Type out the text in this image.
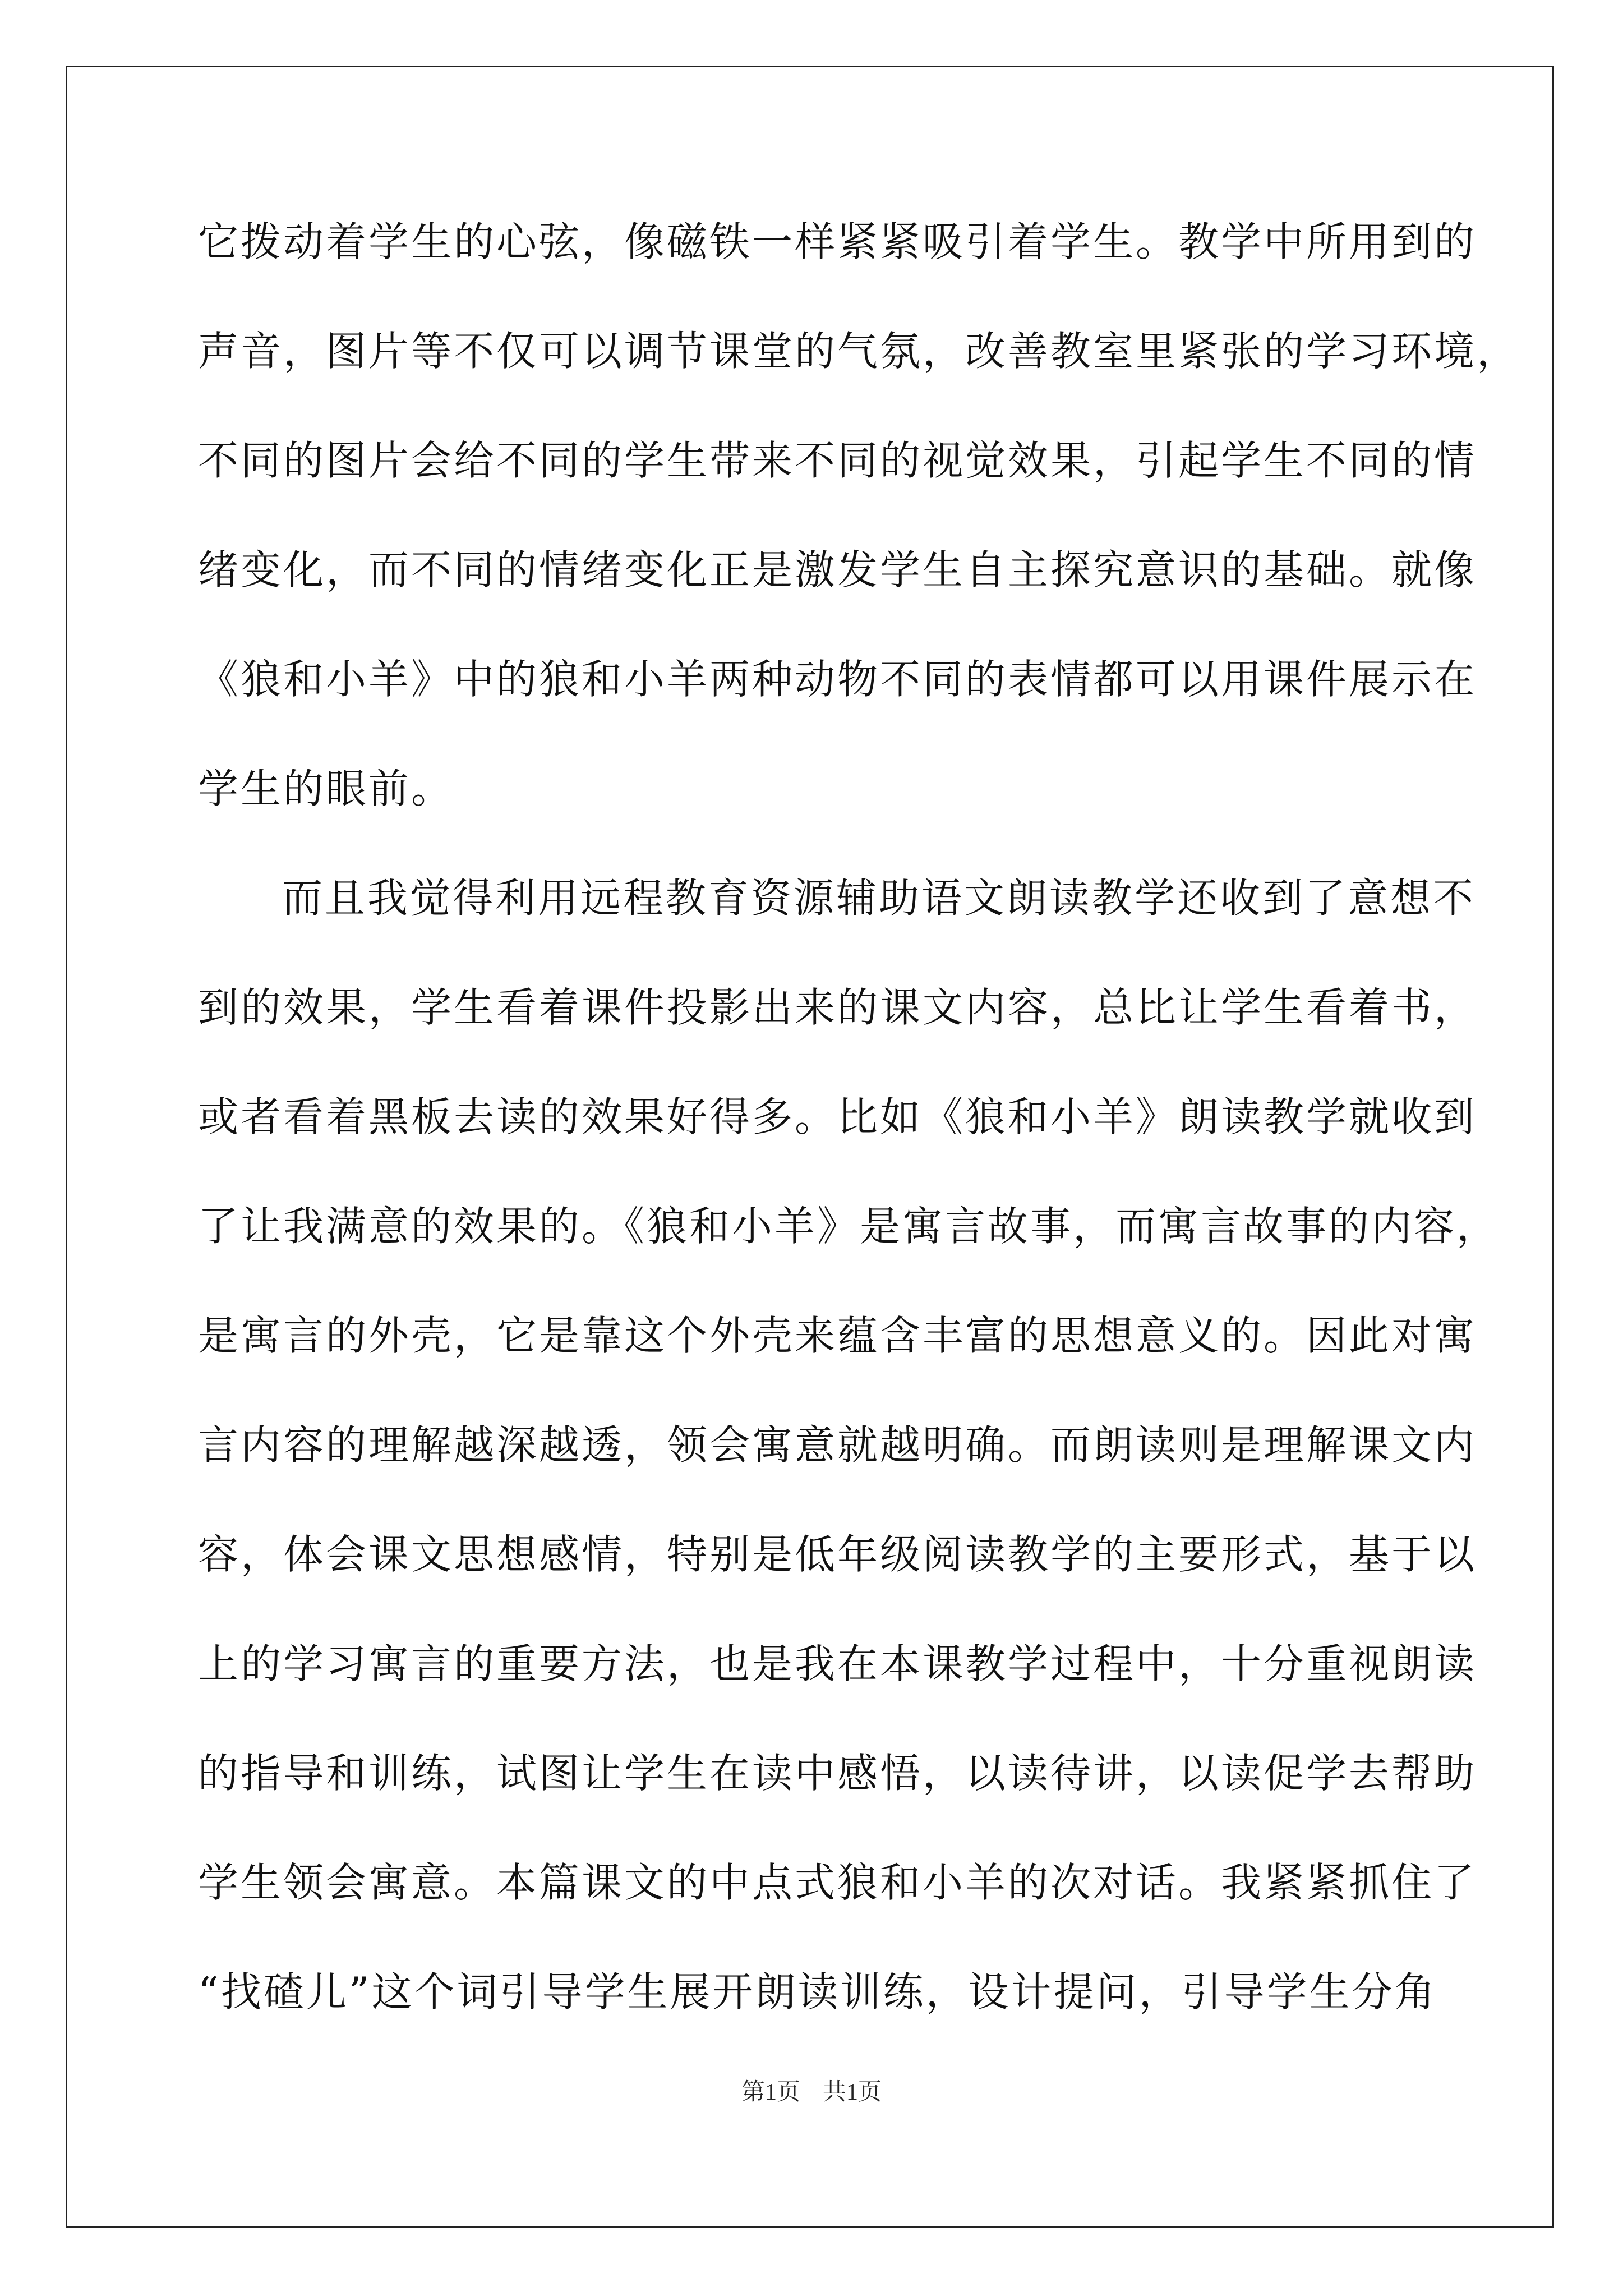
它拨动着学生的心弦，像磁铁一样紧紧吸引着学生。教学中所用到的
声音，图片等不仅可以调节课堂的气氛，改善教室里紧张的学习环境，
不同的图片会给不同的学生带来不同的视觉效果，引起学生不同的情
绪变化，而不同的情绪变化正是激发学生自主探究意识的基础。就像
《狼和小羊》中的狼和小羊两种动物不同的表情都可以用课件展示在
学生的眼前。
而且我觉得利用远程教育资源辅助语文朗读教学还收到了意想不
到的效果，学生看着课件投影出来的课文内容，总比让学生看着书，
或者看着黑板去读的效果好得多。比如《狼和小羊》朗读教学就收到
了让我满意的效果的。《狼和小羊》是寓言故事，而寓言故事的内容，
是寓言的外壳，它是靠这个外壳来蕴含丰富的思想意义的。因此对寓
言内容的理解越深越透，领会寓意就越明确。而朗读则是理解课文内
容，体会课文思想感情，特别是低年级阅读教学的主要形式，基于以
上的学习寓言的重要方法，也是我在本课教学过程中，十分重视朗读
的指导和训练，试图让学生在读中感悟，以读待讲，以读促学去帮助
学生领会寓意。本篇课文的中点式狼和小羊的次对话。我紧紧抓住了
“找碴儿”这个词引导学生展开朗读训练，设计提问，引导学生分角
第1页 共1页
